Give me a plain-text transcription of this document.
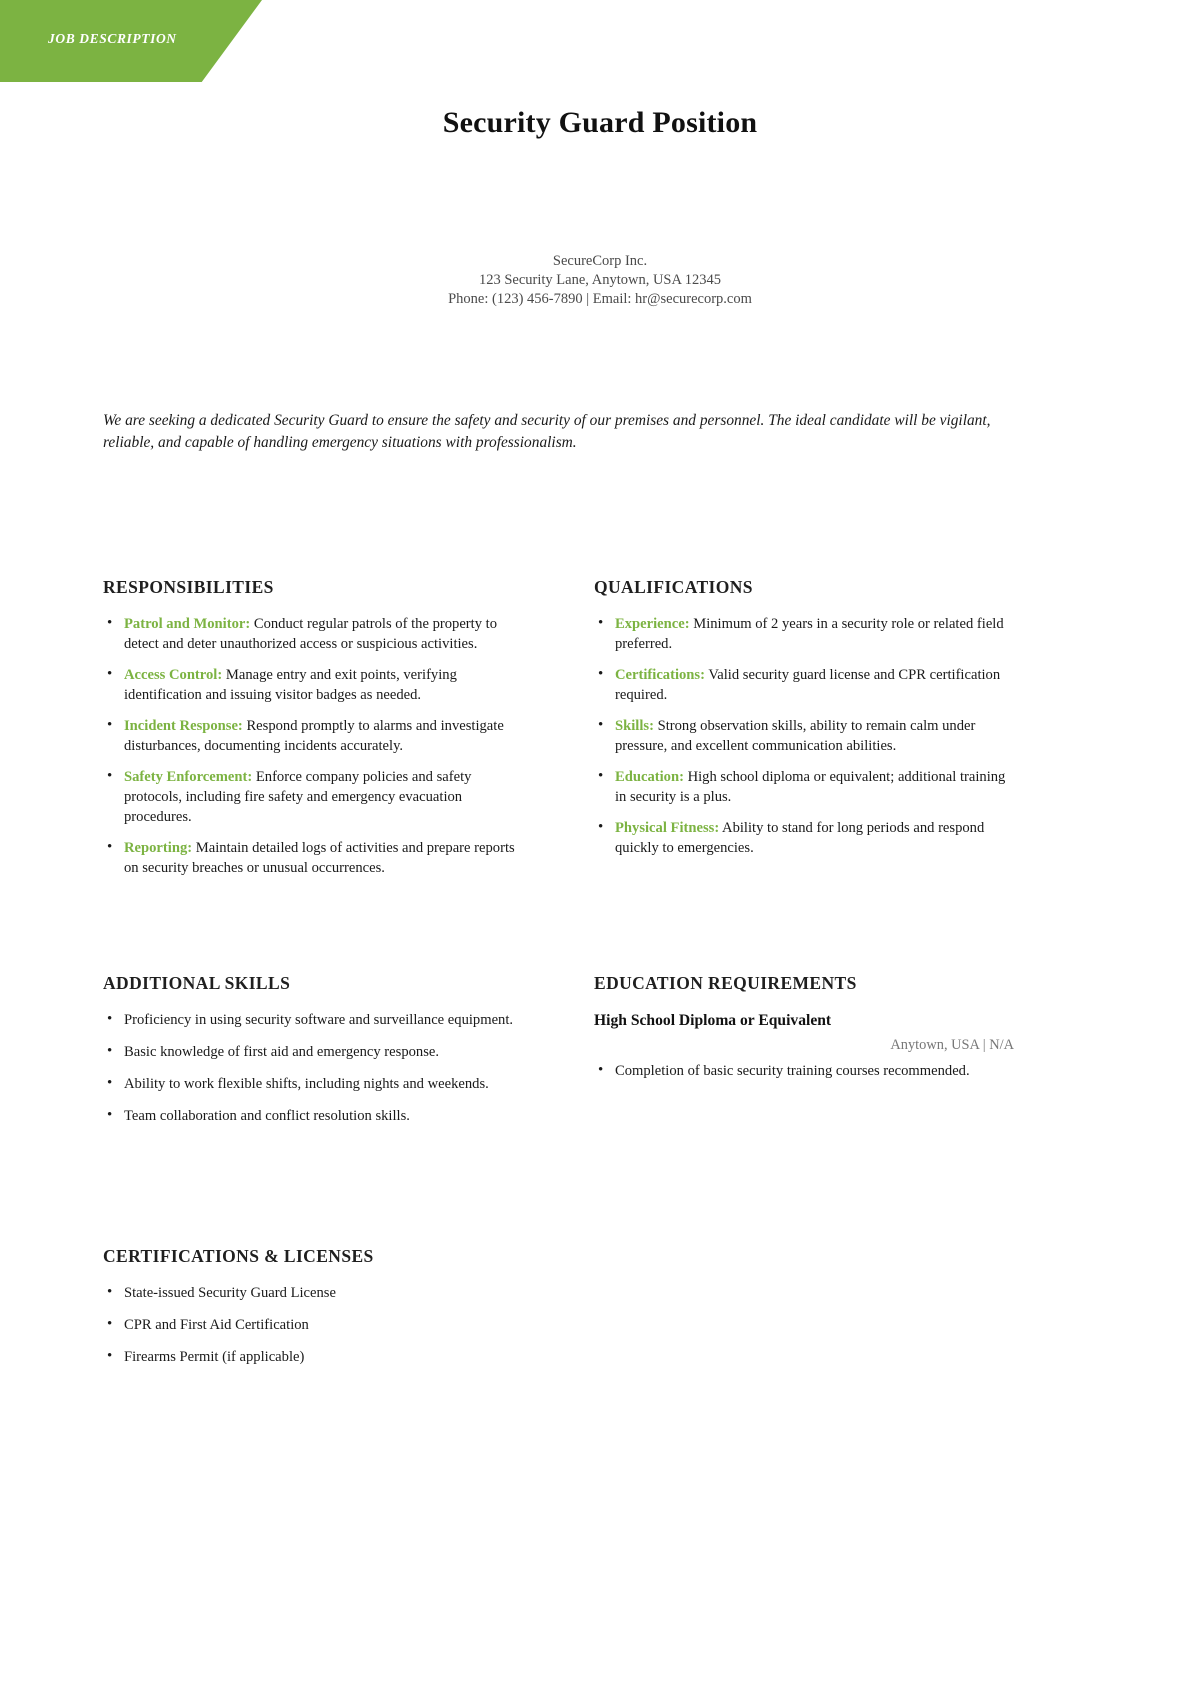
JOB DESCRIPTION
Security Guard Position
SecureCorp Inc.
123 Security Lane, Anytown, USA 12345
Phone: (123) 456-7890 | Email: hr@securecorp.com
We are seeking a dedicated Security Guard to ensure the safety and security of our premises and personnel. The ideal candidate will be vigilant, reliable, and capable of handling emergency situations with professionalism.
RESPONSIBILITIES
• Patrol and Monitor: Conduct regular patrols of the property to detect and deter unauthorized access or suspicious activities.
• Access Control: Manage entry and exit points, verifying identification and issuing visitor badges as needed.
• Incident Response: Respond promptly to alarms and investigate disturbances, documenting incidents accurately.
• Safety Enforcement: Enforce company policies and safety protocols, including fire safety and emergency evacuation procedures.
• Reporting: Maintain detailed logs of activities and prepare reports on security breaches or unusual occurrences.
QUALIFICATIONS
• Experience: Minimum of 2 years in a security role or related field preferred.
• Certifications: Valid security guard license and CPR certification required.
• Skills: Strong observation skills, ability to remain calm under pressure, and excellent communication abilities.
• Education: High school diploma or equivalent; additional training in security is a plus.
• Physical Fitness: Ability to stand for long periods and respond quickly to emergencies.
ADDITIONAL SKILLS
• Proficiency in using security software and surveillance equipment.
• Basic knowledge of first aid and emergency response.
• Ability to work flexible shifts, including nights and weekends.
• Team collaboration and conflict resolution skills.
EDUCATION REQUIREMENTS

High School Diploma or Equivalent

Anytown, USA | N/A

• Completion of basic security training courses recommended.
CERTIFICATIONS & LICENSES
• State-issued Security Guard License
• CPR and First Aid Certification
• Firearms Permit (if applicable)
